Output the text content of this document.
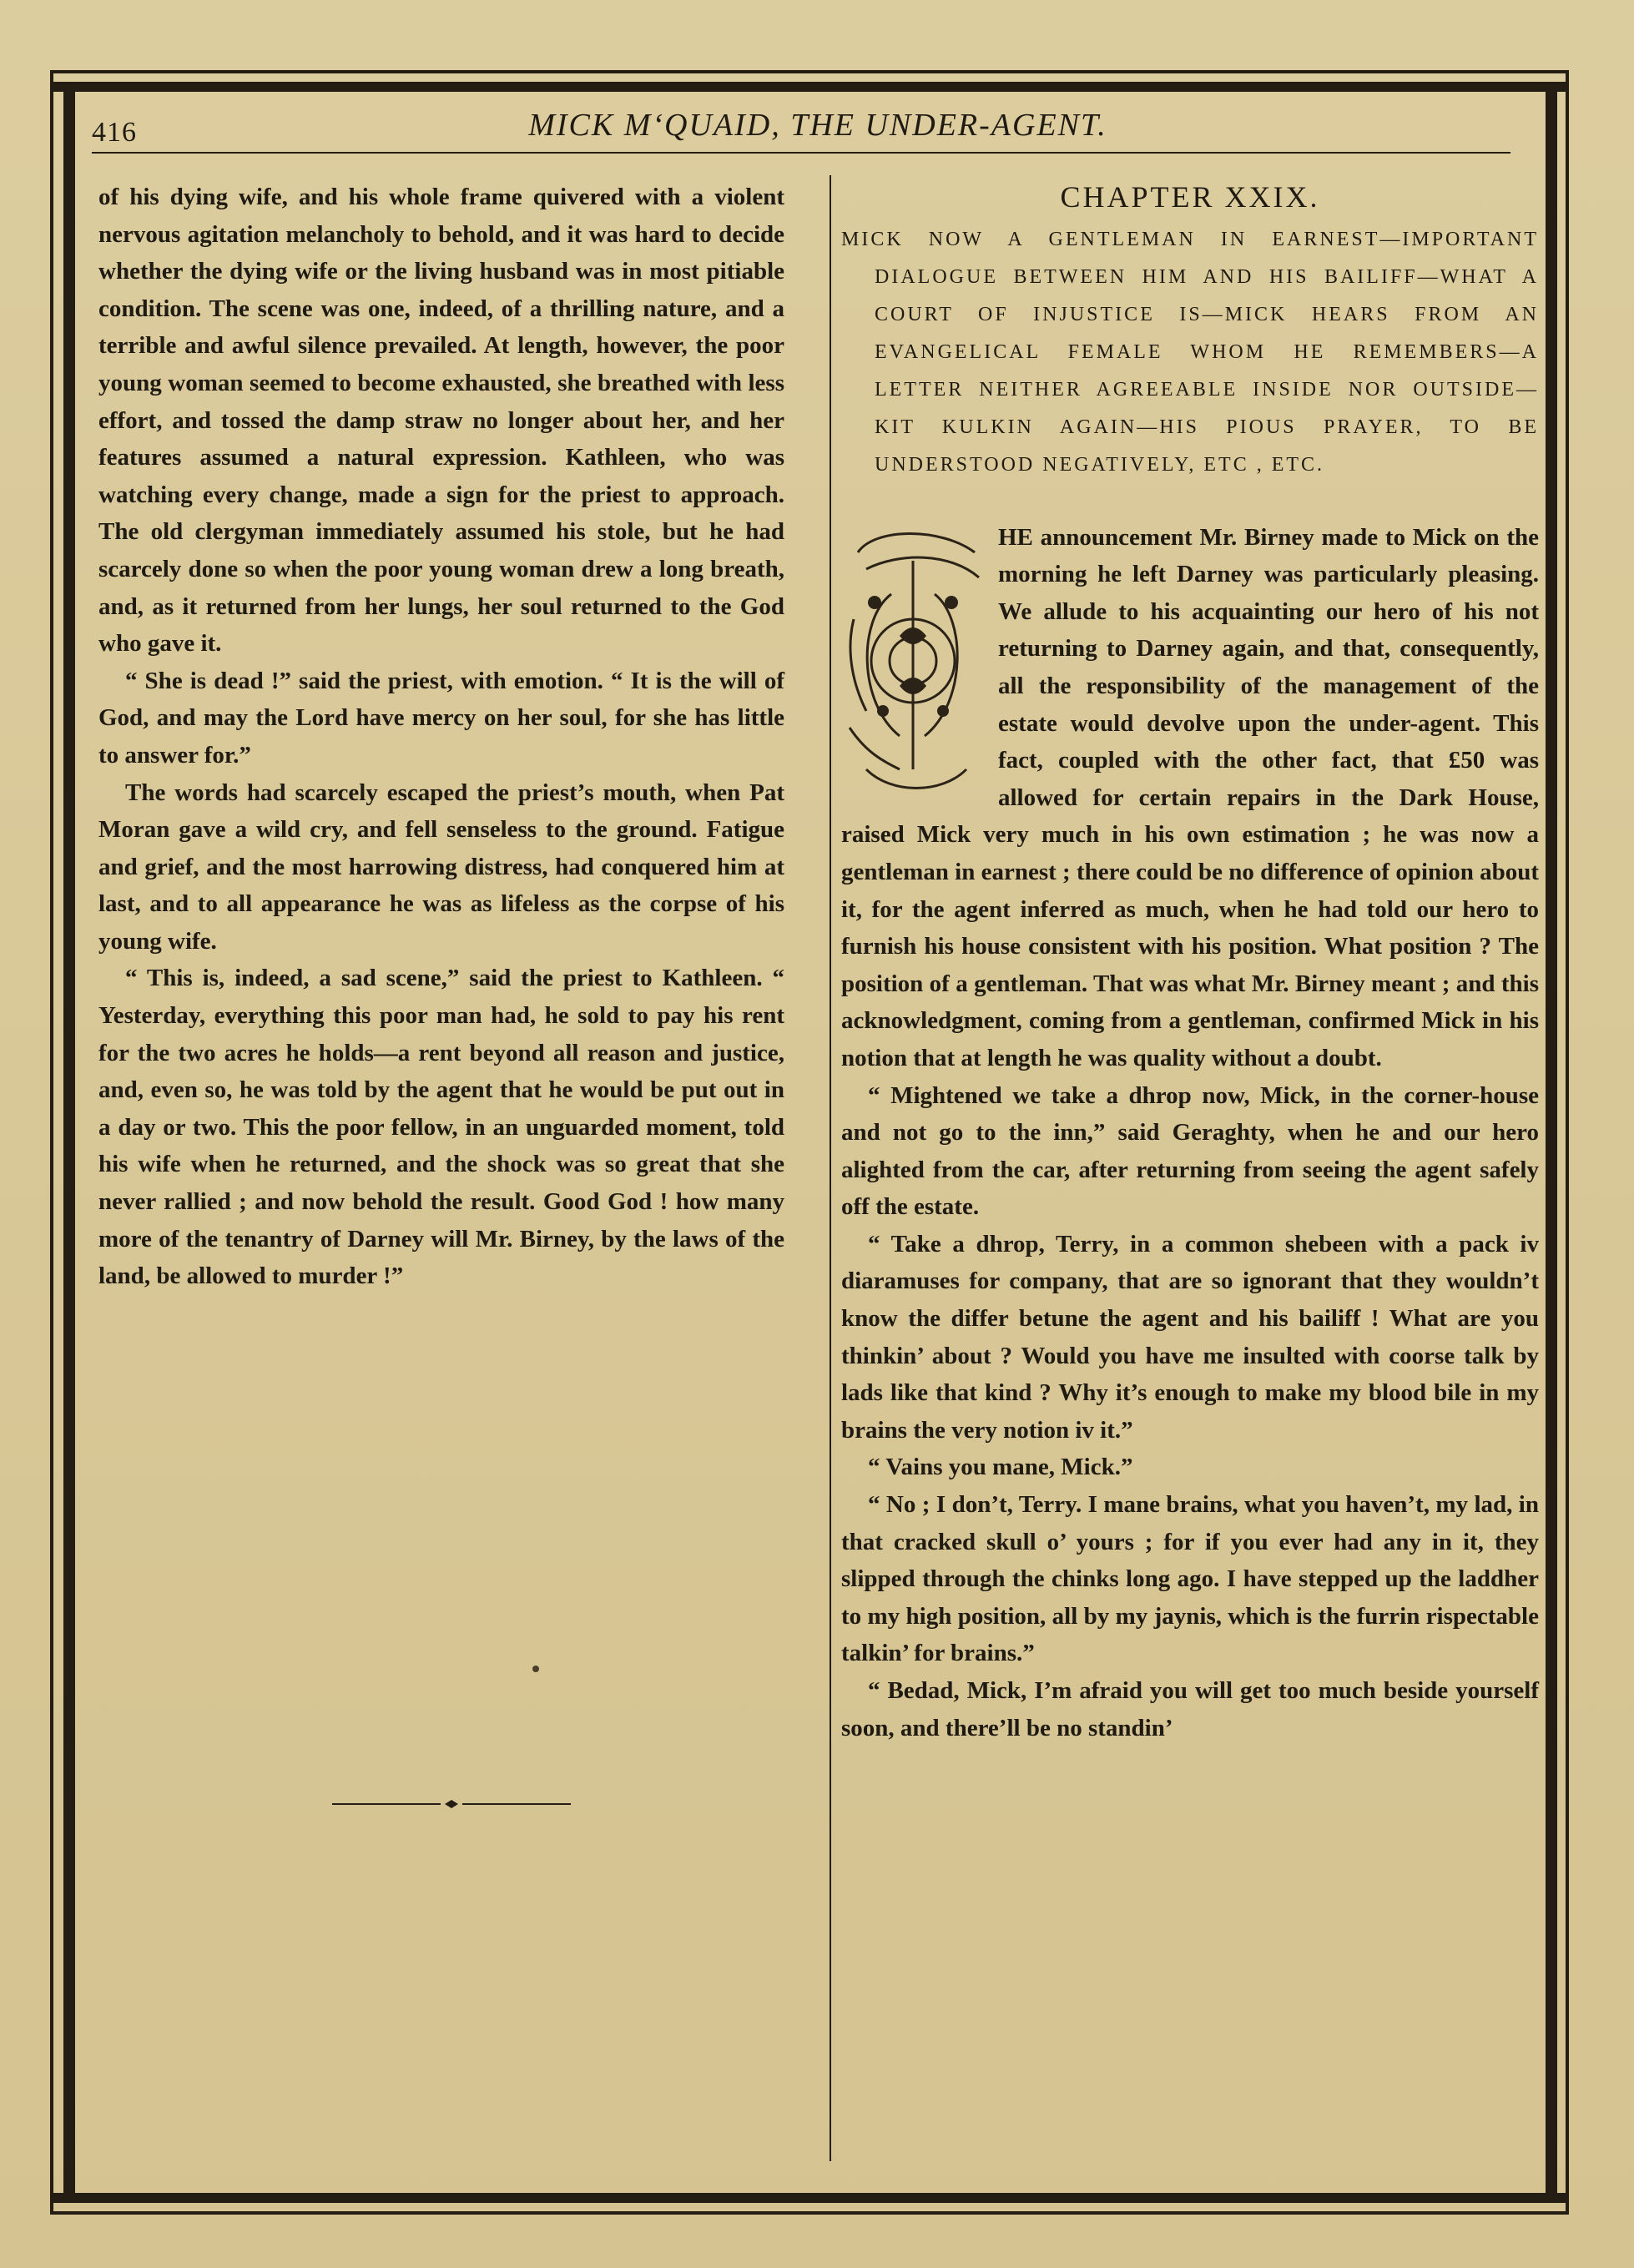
416	MICK M‘QUAID, THE UNDER-AGENT.

of his dying wife, and his whole frame quivered with a violent nervous agitation melancholy to behold, and it was hard to decide whether the dying wife or the living husband was in most pitiable condition. The scene was one, indeed, of a thrilling nature, and a terrible and awful silence prevailed. At length, however, the poor young woman seemed to become exhausted, she breathed with less effort, and tossed the damp straw no longer about her, and her features assumed a natural expression. Kathleen, who was watching every change, made a sign for the priest to approach. The old clergyman immediately assumed his stole, but he had scarcely done so when the poor young woman drew a long breath, and, as it returned from her lungs, her soul returned to the God who gave it.

“ She is dead !” said the priest, with emotion. “ It is the will of God, and may the Lord have mercy on her soul, for she has little to answer for.”

The words had scarcely escaped the priest’s mouth, when Pat Moran gave a wild cry, and fell senseless to the ground. Fatigue and grief, and the most harrowing distress, had conquered him at last, and to all appearance he was as lifeless as the corpse of his young wife.

“ This is, indeed, a sad scene,” said the priest to Kathleen. “ Yesterday, everything this poor man had, he sold to pay his rent for the two acres he holds—a rent beyond all reason and justice, and, even so, he was told by the agent that he would be put out in a day or two. This the poor fellow, in an unguarded moment, told his wife when he returned, and the shock was so great that she never rallied ; and now behold the result. Good God ! how many more of the tenantry of Darney will Mr. Birney, by the laws of the land, be allowed to murder !”

CHAPTER XXIX.
MICK NOW A GENTLEMAN IN EARNEST—IMPORTANT DIALOGUE BETWEEN HIM AND HIS BAILIFF—WHAT A COURT OF INJUSTICE IS—MICK HEARS FROM AN EVANGELICAL FEMALE WHOM HE REMEMBERS—A LETTER NEITHER AGREEABLE INSIDE NOR OUTSIDE—KIT KULKIN AGAIN—HIS PIOUS PRAYER, TO BE UNDERSTOOD NEGATIVELY, ETC , ETC.

HE announcement Mr. Birney made to Mick on the morning he left Darney was particularly pleasing. We allude to his acquainting our hero of his not returning to Darney again, and that, consequently, all the responsibility of the management of the estate would devolve upon the under-agent. This fact, coupled with the other fact, that £50 was allowed for certain repairs in the Dark House, raised Mick very much in his own estimation ; he was now a gentleman in earnest ; there could be no difference of opinion about it, for the agent inferred as much, when he had told our hero to furnish his house consistent with his position. What position ? The position of a gentleman. That was what Mr. Birney meant ; and this acknowledgment, coming from a gentleman, confirmed Mick in his notion that at length he was quality without a doubt.

“ Mightened we take a dhrop now, Mick, in the corner-house and not go to the inn,” said Geraghty, when he and our hero alighted from the car, after returning from seeing the agent safely off the estate.

“ Take a dhrop, Terry, in a common shebeen with a pack iv diaramuses for company, that are so ignorant that they wouldn’t know the differ betune the agent and his bailiff ! What are you thinkin’ about ? Would you have me insulted with coorse talk by lads like that kind ? Why it’s enough to make my blood bile in my brains the very notion iv it.”

“ Vains you mane, Mick.”

“ No ; I don’t, Terry. I mane brains, what you haven’t, my lad, in that cracked skull o’ yours ; for if you ever had any in it, they slipped through the chinks long ago. I have stepped up the laddher to my high position, all by my jaynis, which is the furrin rispectable talkin’ for brains.”

“ Bedad, Mick, I’m afraid you will get too much beside yourself soon, and there’ll be no standin’
